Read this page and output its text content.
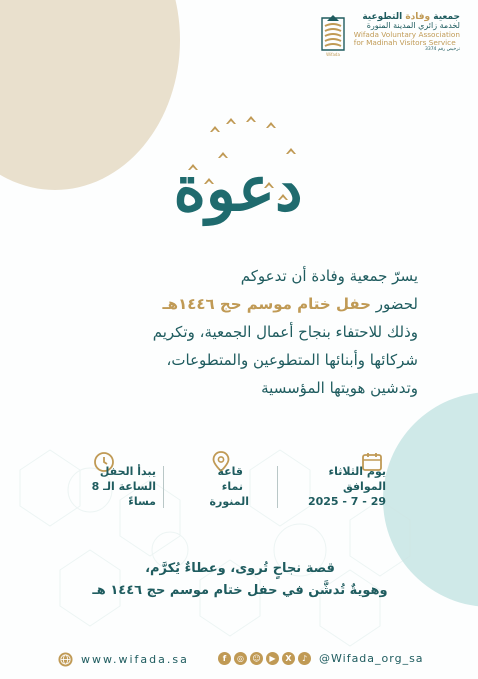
جمعية وفادة التطوعية
لخدمة زائري المدينة المنورة
Wifada Voluntary Association
for Madinah Visitors Service
ترخيص رقم 3374
Wifada
دعوة

يسرّ جمعية وفادة أن تدعوكم

لحضور حفل ختام موسم حج ١٤٤٦هـ

وذلك للاحتفاء بنجاح أعمال الجمعية، وتكريم

شركائها وأبنائها المتطوعين والمتطوعات،

وتدشين هويتها المؤسسية

يوم الثلاثاء
الموافق
29 - 7 - 2025
قاعة
نماء
المنورة
يبدأ الحفل
الساعة الـ 8
مساءً

قصة نجاحٍ تُروى، وعطاءٌ يُكرَّم،

وهويةٌ تُدشَّن في حفل ختام موسم حج ١٤٤٦ هـ

www.wifada.sa	f	◎	☺	▶	X	♪	@Wifada_org_sa
